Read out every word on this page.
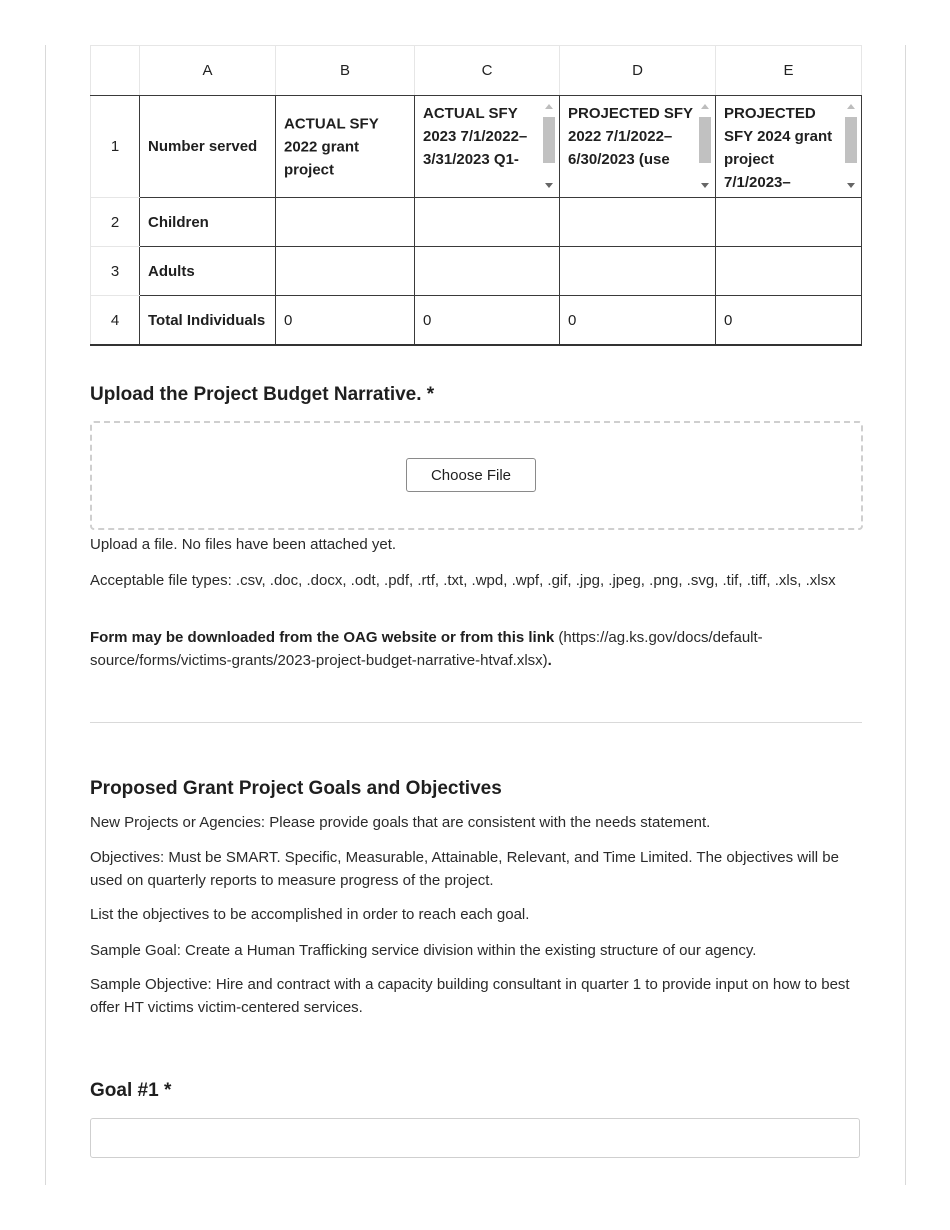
	A	B	C	D	E
1	Number served	ACTUAL SFY 2022 grant project	ACTUAL SFY 2023 7/1/2022– 3/31/2023 Q1-	PROJECTED SFY 2022 7/1/2022– 6/30/2023 (use	PROJECTED SFY 2024 grant project 7/1/2023–

2	Children				
3	Adults				
4	Total Individuals	0	0	0	0
Upload the Project Budget Narrative. *
Choose File

Upload a file. No files have been attached yet.

Acceptable file types: .csv, .doc, .docx, .odt, .pdf, .rtf, .txt, .wpd, .wpf, .gif, .jpg, .jpeg, .png, .svg, .tif, .tiff, .xls, .xlsx

Form may be downloaded from the OAG website or from this link (https://ag.ks.gov/docs/default-source/forms/victims-grants/2023-project-budget-narrative-htvaf.xlsx).

Proposed Grant Project Goals and Objectives

New Projects or Agencies: Please provide goals that are consistent with the needs statement.

Objectives: Must be SMART. Specific, Measurable, Attainable, Relevant, and Time Limited. The objectives will be used on quarterly reports to measure progress of the project.

List the objectives to be accomplished in order to reach each goal.

Sample Goal: Create a Human Trafficking service division within the existing structure of our agency.

Sample Objective: Hire and contract with a capacity building consultant in quarter 1 to provide input on how to best offer HT victims victim-centered services.

Goal #1 *
